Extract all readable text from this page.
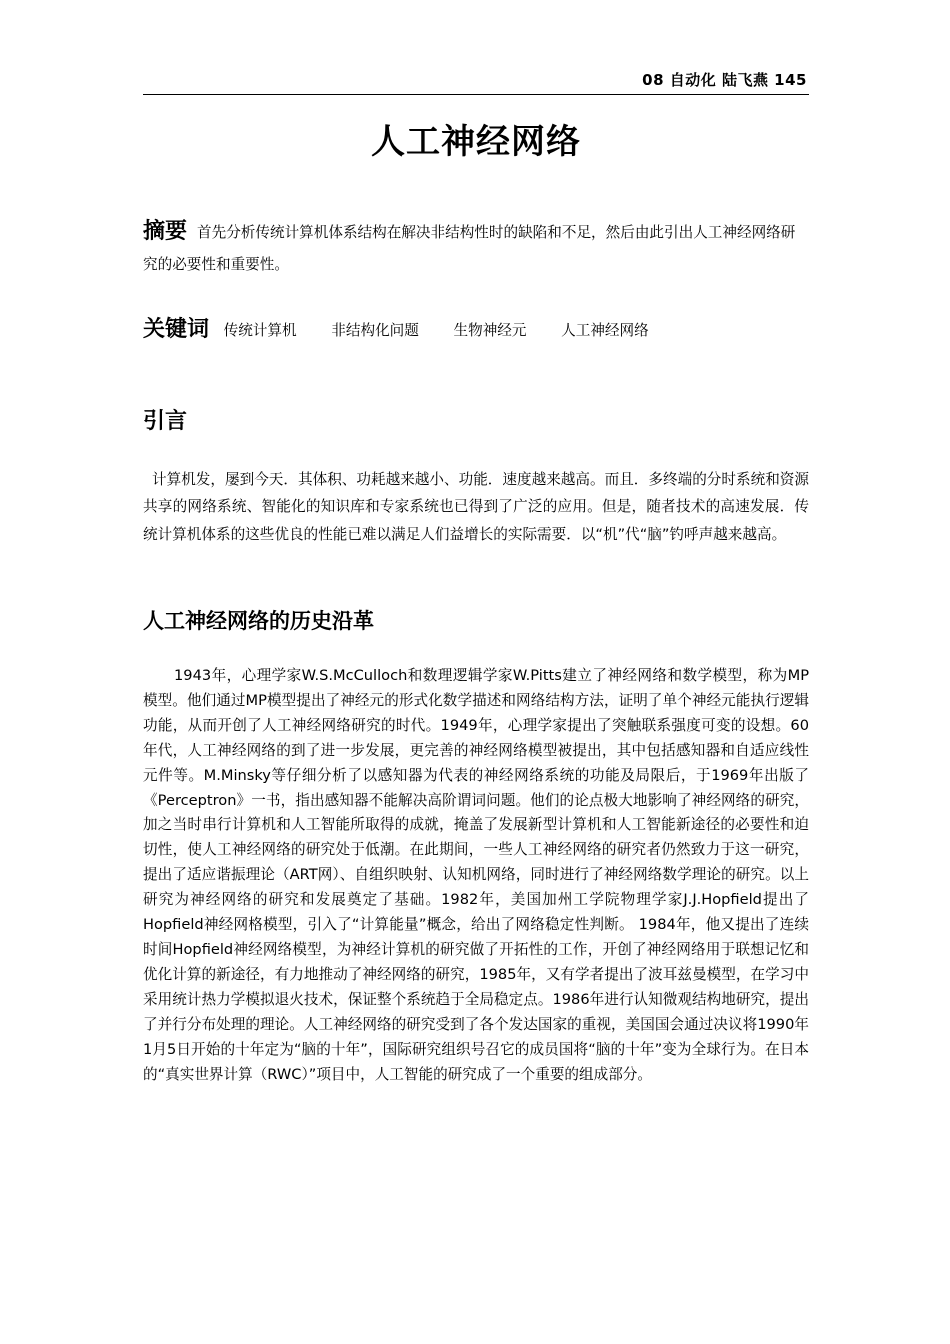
08 自动化 陆飞燕 145
人工神经网络
摘要 首先分析传统计算机体系结构在解决非结构性时的缺陷和不足，然后由此引出人工神经网络研究的必要性和重要性。
关键词 传统计算机 非结构化问题 生物神经元 人工神经网络
引言

计算机发，屡到今天．其体积、功耗越来越小、功能．速度越来越高。而且．多终端的分时系统和资源共享的网络系统、智能化的知识库和专家系统也已得到了广泛的应用。但是，随者技术的高速发展．传统计算机体系的这些优良的性能已难以满足人们益增长的实际需要．以“机”代“脑”钓呼声越来越高。

人工神经网络的历史沿革

1943年，心理学家W.S.McCulloch和数理逻辑学家W.Pitts建立了神经网络和数学模型，称为MP模型。他们通过MP模型提出了神经元的形式化数学描述和网络结构方法，证明了单个神经元能执行逻辑功能，从而开创了人工神经网络研究的时代。1949年，心理学家提出了突触联系强度可变的设想。60年代，人工神经网络的到了进一步发展，更完善的神经网络模型被提出，其中包括感知器和自适应线性元件等。M.Minsky等仔细分析了以感知器为代表的神经网络系统的功能及局限后，于1969年出版了《Perceptron》一书，指出感知器不能解决高阶谓词问题。他们的论点极大地影响了神经网络的研究，加之当时串行计算机和人工智能所取得的成就，掩盖了发展新型计算机和人工智能新途径的必要性和迫切性，使人工神经网络的研究处于低潮。在此期间，一些人工神经网络的研究者仍然致力于这一研究，提出了适应谐振理论（ART网）、自组织映射、认知机网络，同时进行了神经网络数学理论的研究。以上研究为神经网络的研究和发展奠定了基础。1982年，美国加州工学院物理学家J.J.Hopfield提出了Hopfield神经网格模型，引入了“计算能量”概念，给出了网络稳定性判断。 1984年，他又提出了连续时间Hopfield神经网络模型，为神经计算机的研究做了开拓性的工作，开创了神经网络用于联想记忆和优化计算的新途径，有力地推动了神经网络的研究，1985年，又有学者提出了波耳兹曼模型，在学习中采用统计热力学模拟退火技术，保证整个系统趋于全局稳定点。1986年进行认知微观结构地研究，提出了并行分布处理的理论。人工神经网络的研究受到了各个发达国家的重视，美国国会通过决议将1990年1月5日开始的十年定为“脑的十年”，国际研究组织号召它的成员国将“脑的十年”变为全球行为。在日本的“真实世界计算（RWC）”项目中，人工智能的研究成了一个重要的组成部分。
